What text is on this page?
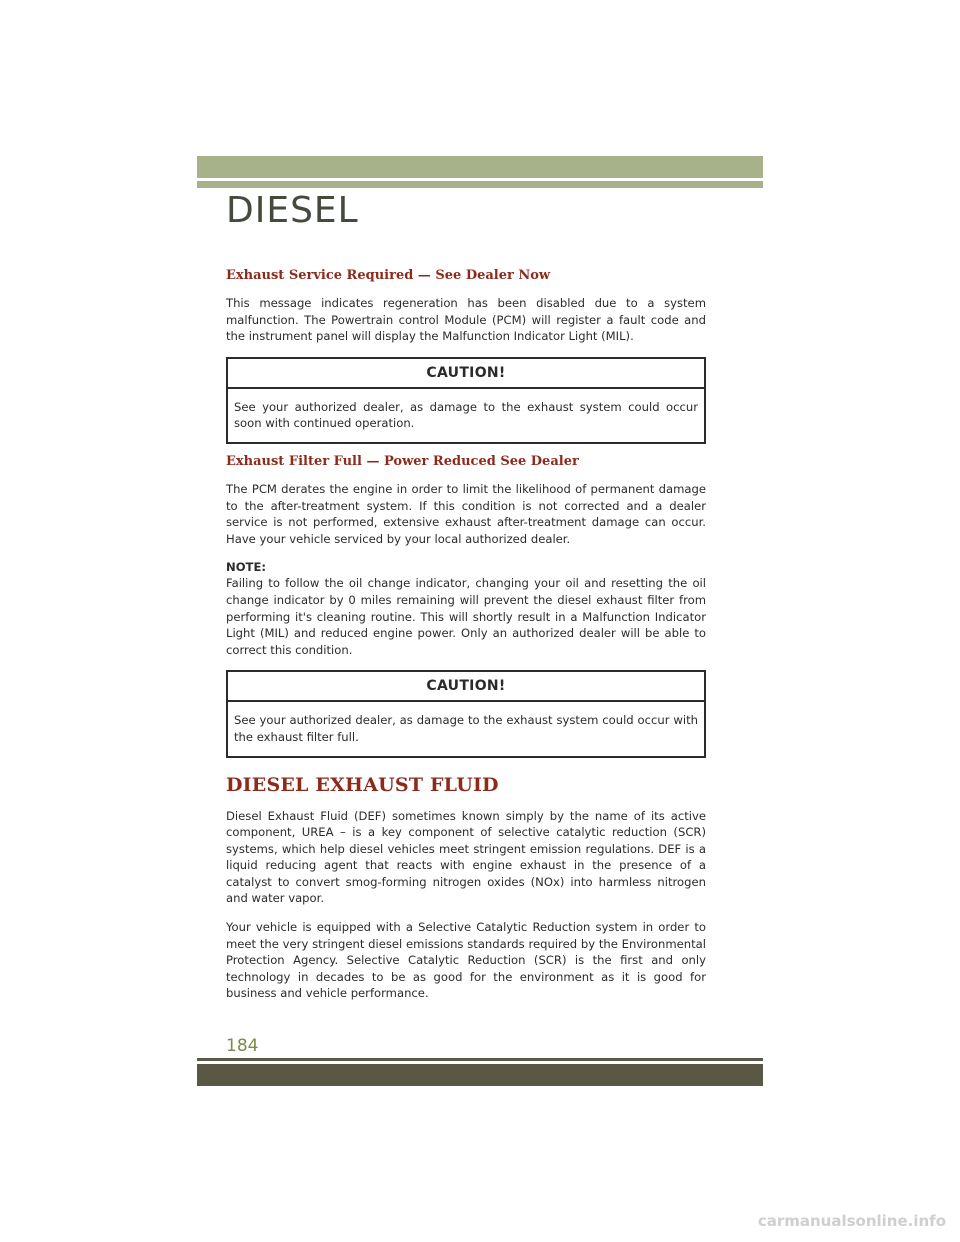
DIESEL
Exhaust Service Required — See Dealer Now

This message indicates regeneration has been disabled due to a system malfunction. The Powertrain control Module (PCM) will register a fault code and the instrument panel will display the Malfunction Indicator Light (MIL).

CAUTION!
See your authorized dealer, as damage to the exhaust system could occur soon with continued operation.
Exhaust Filter Full — Power Reduced See Dealer

The PCM derates the engine in order to limit the likelihood of permanent damage to the after-treatment system. If this condition is not corrected and a dealer service is not performed, extensive exhaust after-treatment damage can occur. Have your vehicle serviced by your local authorized dealer.

NOTE:

Failing to follow the oil change indicator, changing your oil and resetting the oil change indicator by 0 miles remaining will prevent the diesel exhaust filter from performing it's cleaning routine. This will shortly result in a Malfunction Indicator Light (MIL) and reduced engine power. Only an authorized dealer will be able to correct this condition.

CAUTION!
See your authorized dealer, as damage to the exhaust system could occur with the exhaust filter full.
DIESEL EXHAUST FLUID

Diesel Exhaust Fluid (DEF) sometimes known simply by the name of its active component, UREA – is a key component of selective catalytic reduction (SCR) systems, which help diesel vehicles meet stringent emission regulations. DEF is a liquid reducing agent that reacts with engine exhaust in the presence of a catalyst to convert smog-forming nitrogen oxides (NOx) into harmless nitrogen and water vapor.

Your vehicle is equipped with a Selective Catalytic Reduction system in order to meet the very stringent diesel emissions standards required by the Environmental Protection Agency. Selective Catalytic Reduction (SCR) is the first and only technology in decades to be as good for the environment as it is good for business and vehicle performance.

184
carmanualsonline.info
